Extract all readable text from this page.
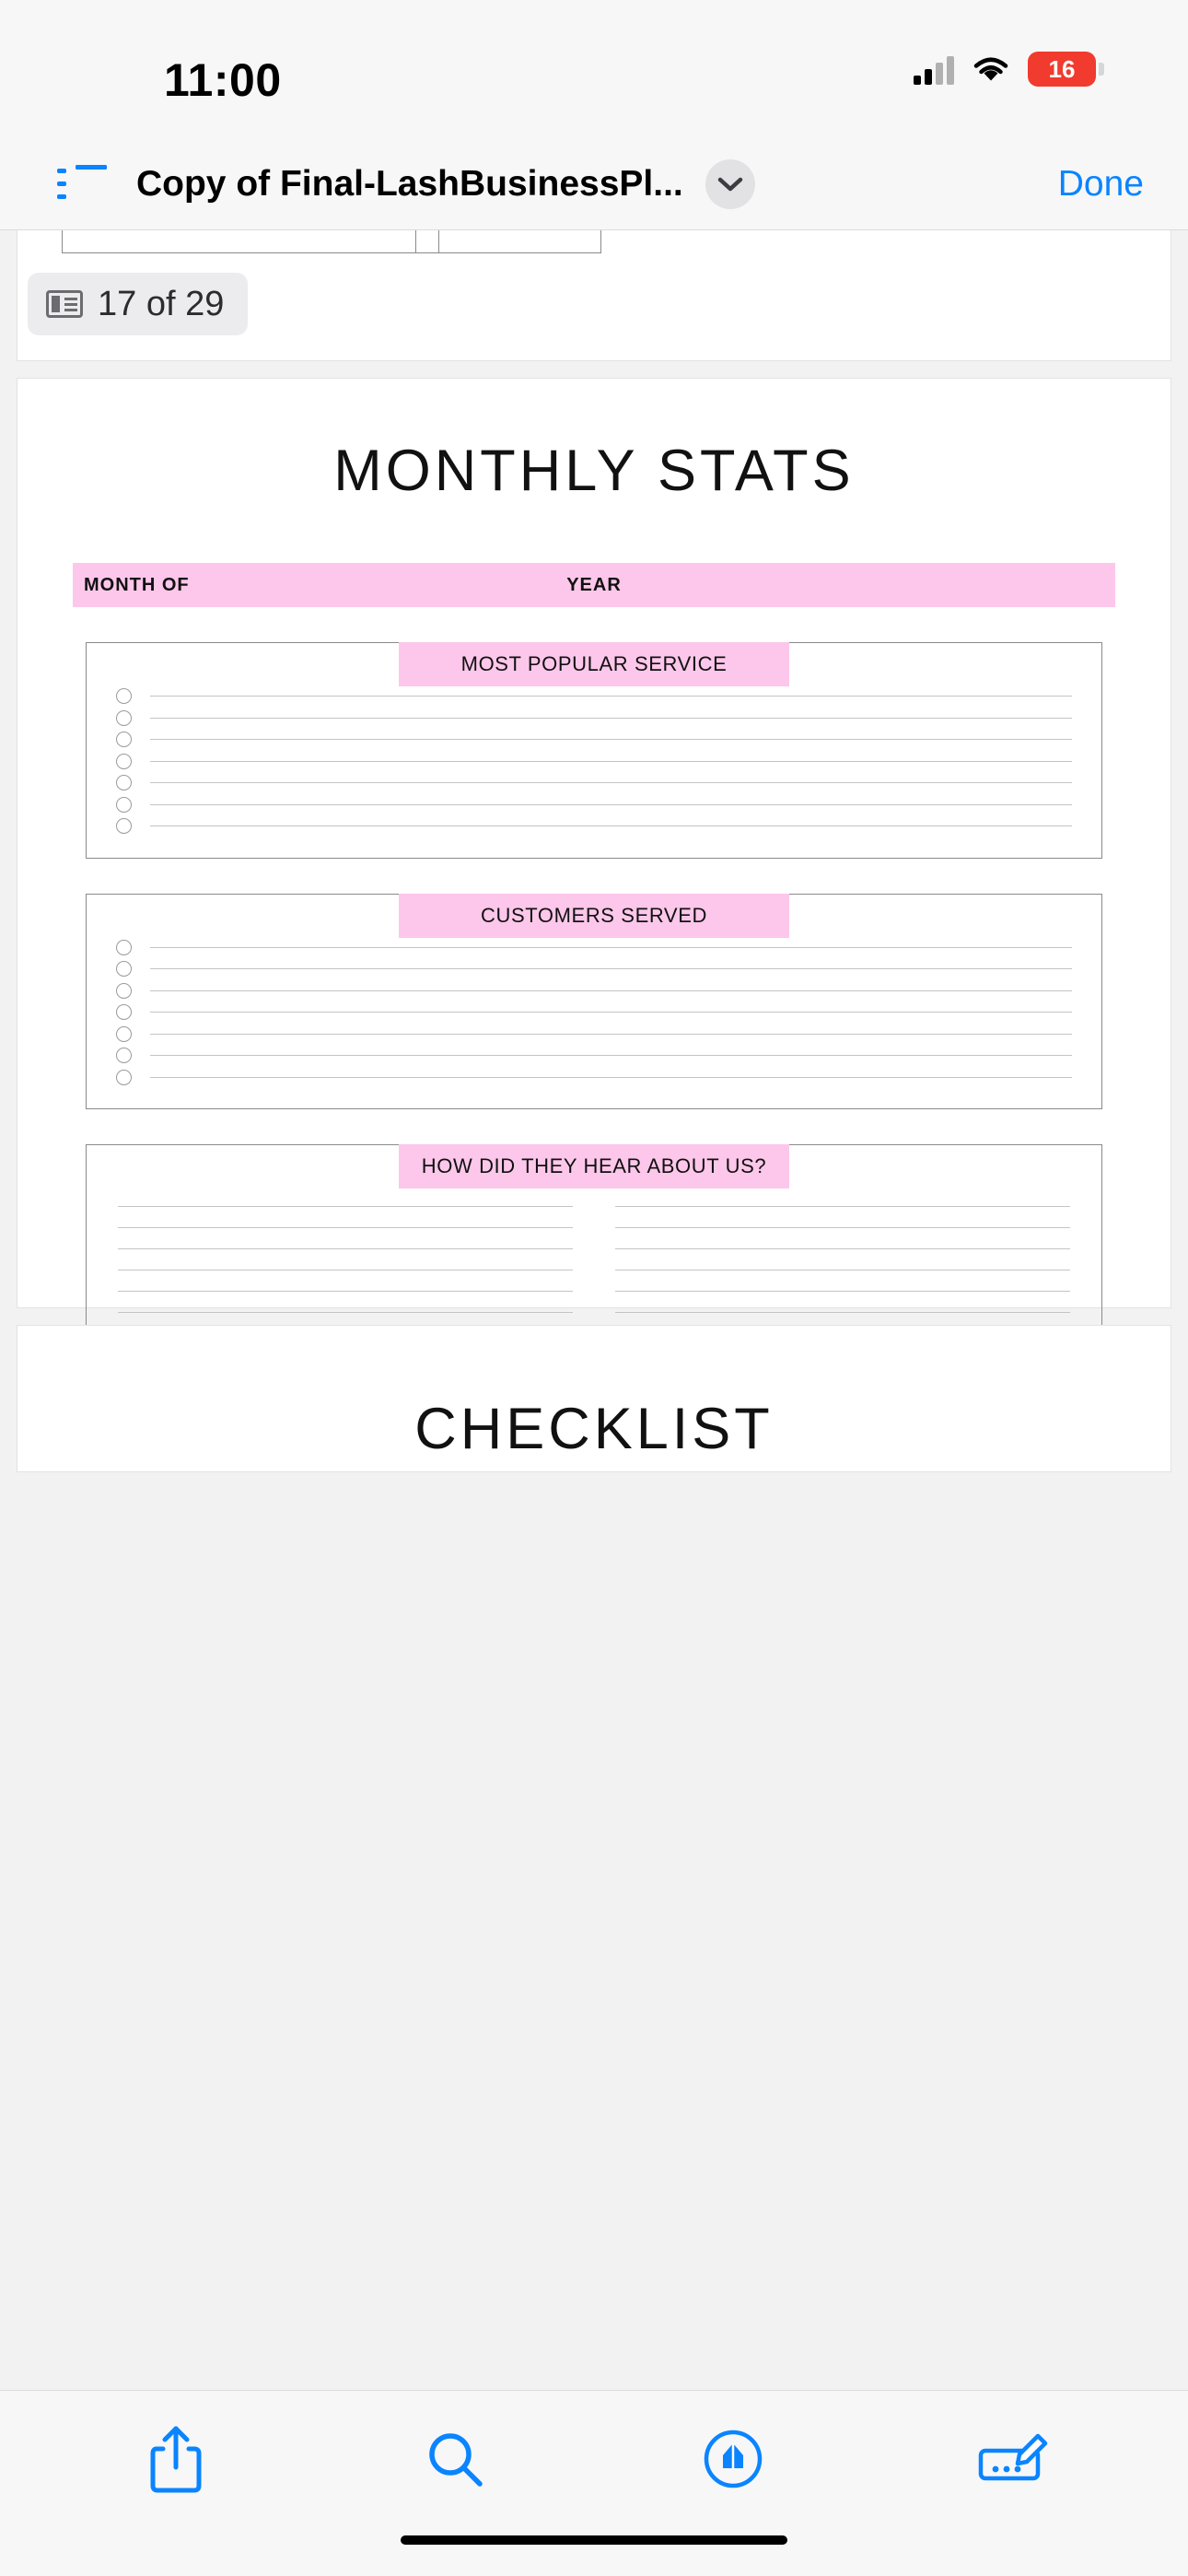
11:00	16
Copy of Final-LashBusinessPl...	Done
17 of 29
MONTHLY STATS
MONTH OF	YEAR
MOST POPULAR SERVICE
CUSTOMERS SERVED
HOW DID THEY HEAR ABOUT US?
CHECKLIST
